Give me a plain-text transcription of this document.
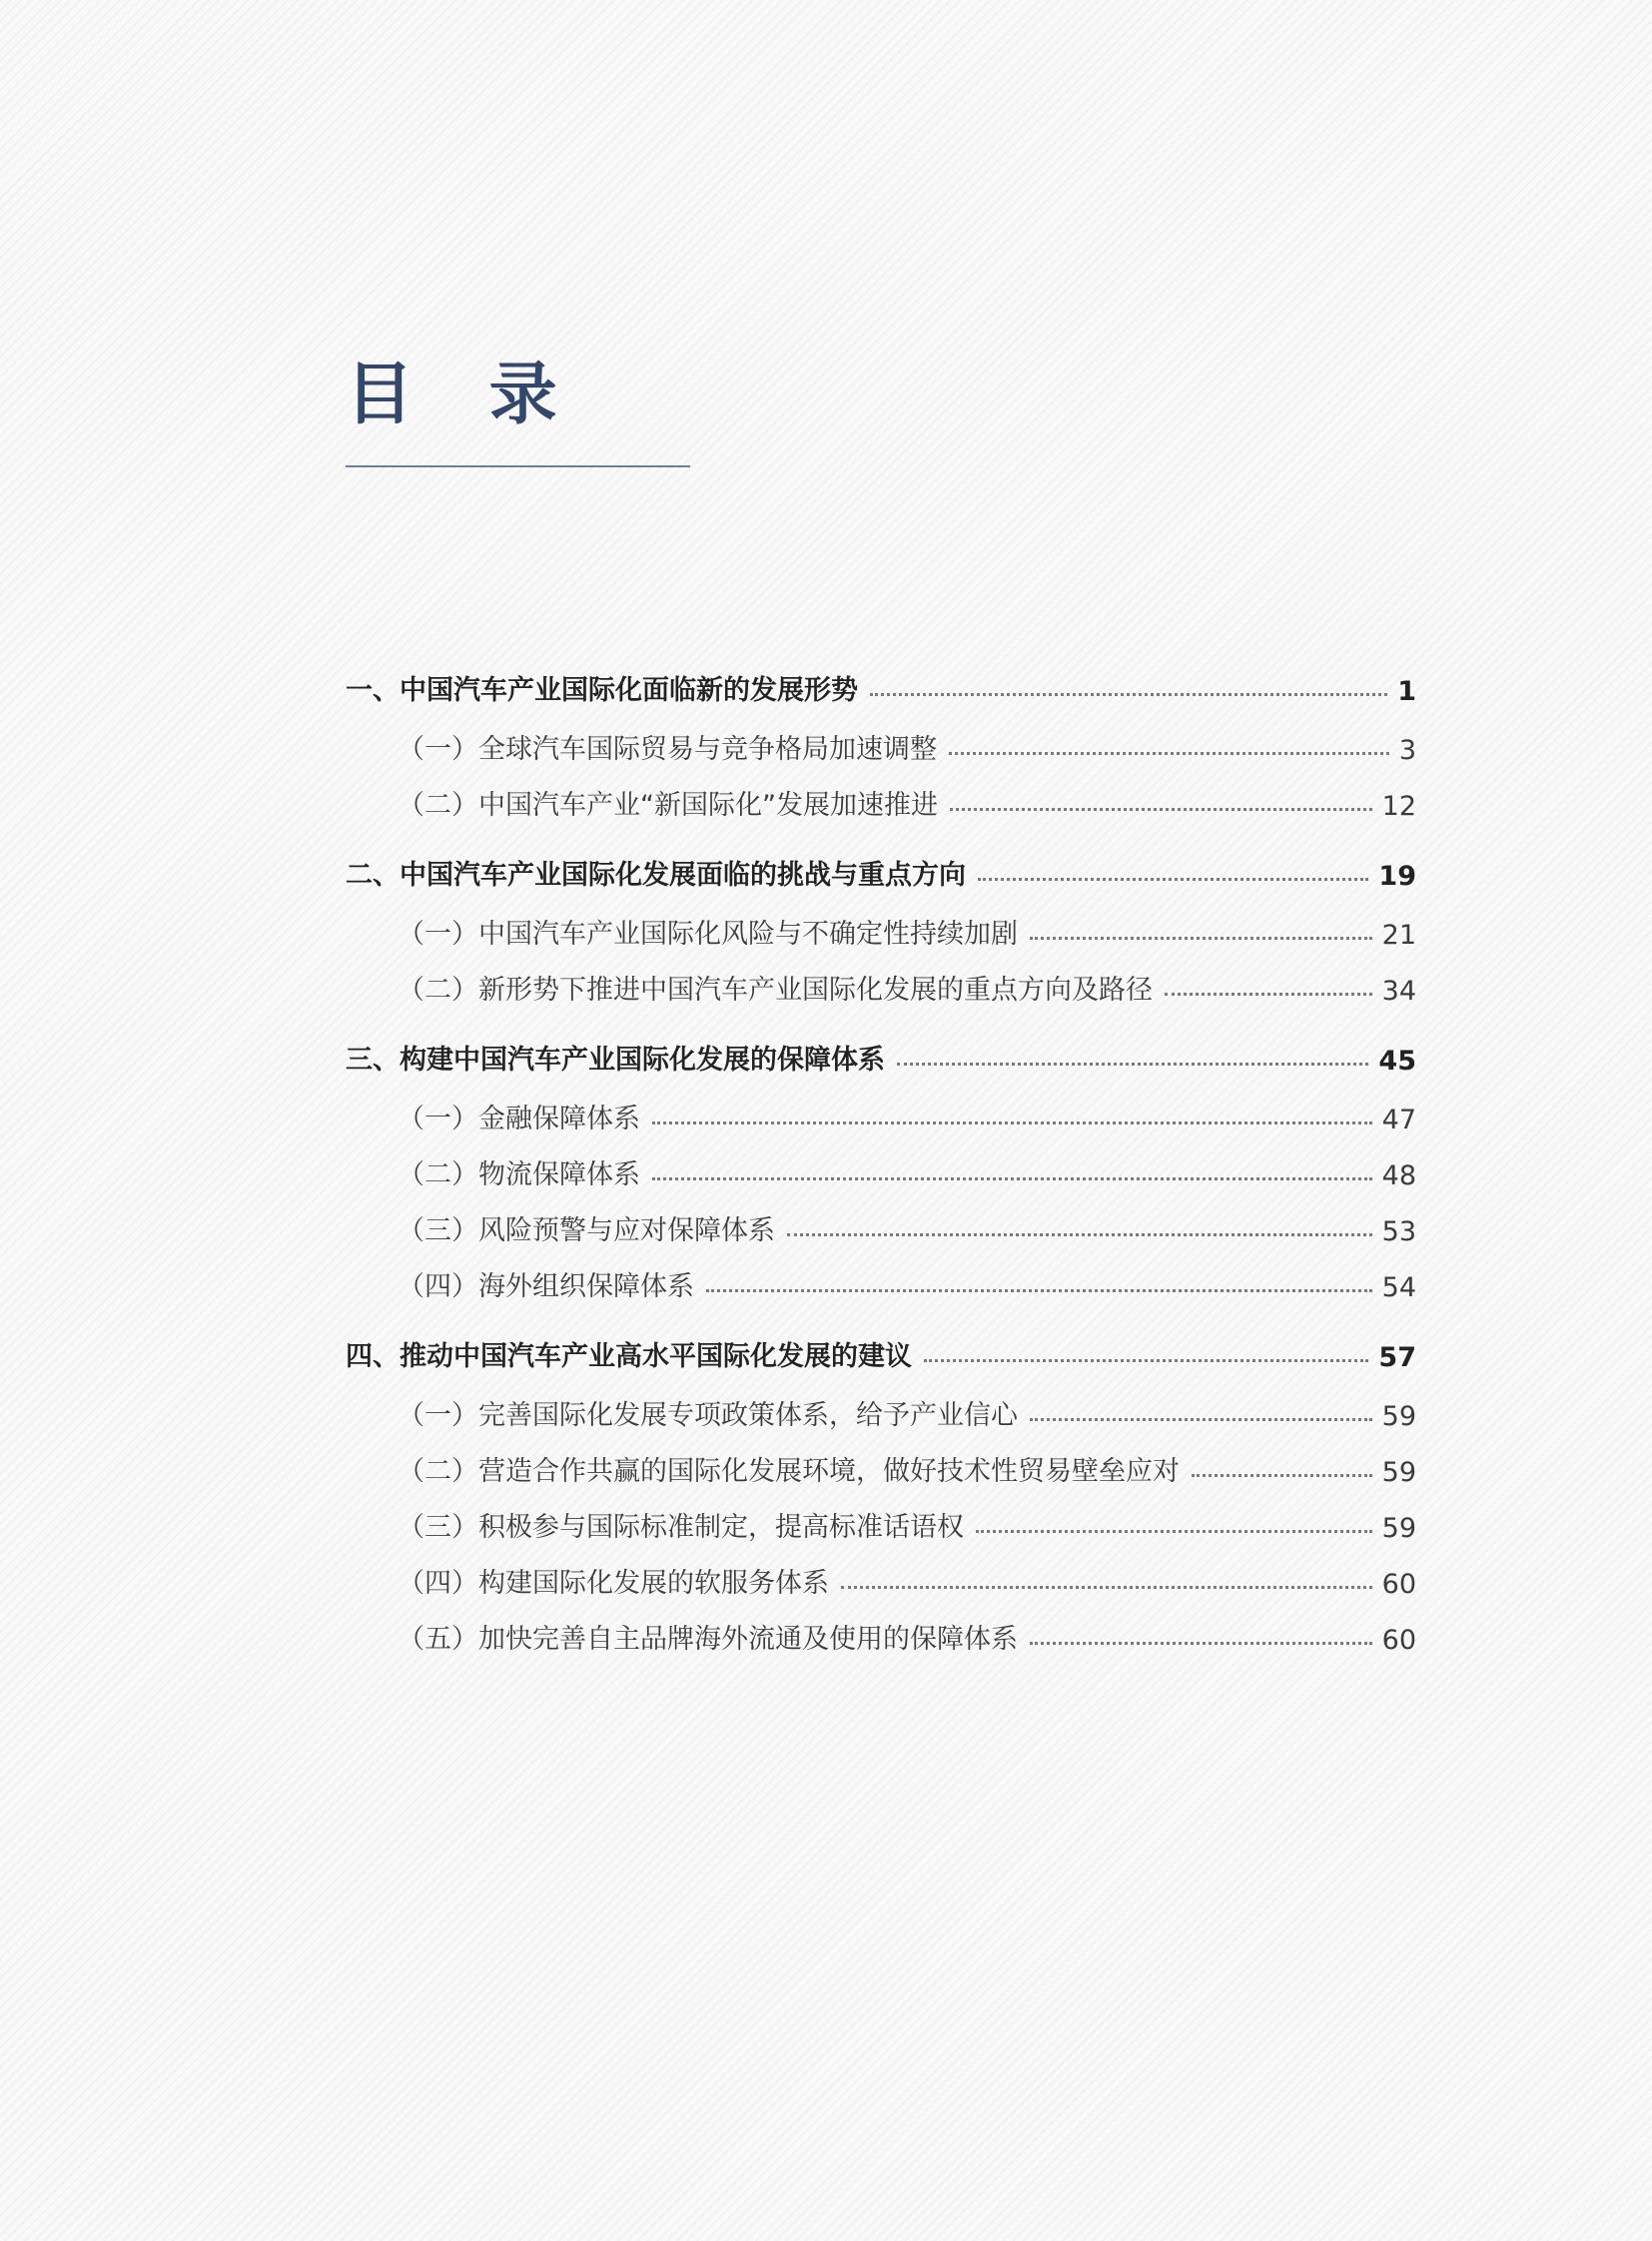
目 录
一、中国汽车产业国际化面临新的发展形势	1
（一）全球汽车国际贸易与竞争格局加速调整	3
（二）中国汽车产业“新国际化”发展加速推进	12
二、中国汽车产业国际化发展面临的挑战与重点方向	19
（一）中国汽车产业国际化风险与不确定性持续加剧	21
（二）新形势下推进中国汽车产业国际化发展的重点方向及路径	34
三、构建中国汽车产业国际化发展的保障体系	45
（一）金融保障体系	47
（二）物流保障体系	48
（三）风险预警与应对保障体系	53
（四）海外组织保障体系	54
四、推动中国汽车产业高水平国际化发展的建议	57
（一）完善国际化发展专项政策体系，给予产业信心	59
（二）营造合作共赢的国际化发展环境，做好技术性贸易壁垒应对	59
（三）积极参与国际标准制定，提高标准话语权	59
（四）构建国际化发展的软服务体系	60
（五）加快完善自主品牌海外流通及使用的保障体系	60
